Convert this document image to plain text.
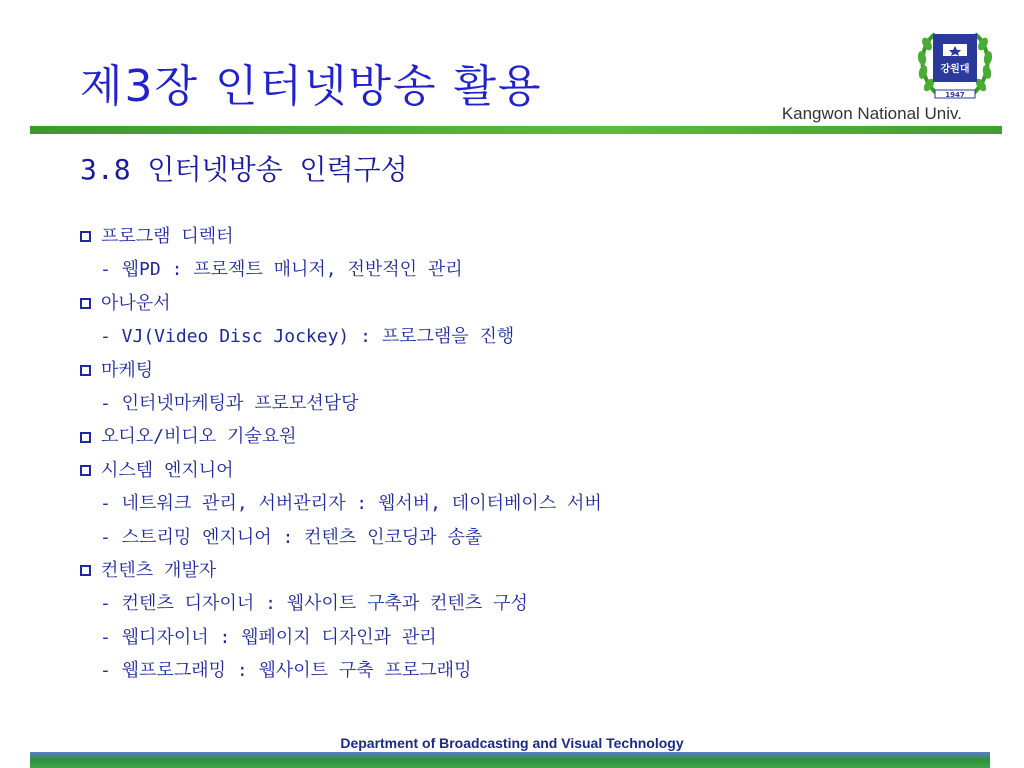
제3장 인터넷방송 활용	강원대
1947
Kangwon National Univ.
3.8 인터넷방송 인력구성
프로그램 디렉터
- 웹PD : 프로젝트 매니저, 전반적인 관리
아나운서
- VJ(Video Disc Jockey) : 프로그램을 진행
마케팅
- 인터넷마케팅과 프로모션담당
오디오/비디오 기술요원
시스템 엔지니어
- 네트워크 관리, 서버관리자 : 웹서버, 데이터베이스 서버
- 스트리밍 엔지니어 : 컨텐츠 인코딩과 송출
컨텐츠 개발자
- 컨텐츠 디자이너 : 웹사이트 구축과 컨텐츠 구성
- 웹디자이너 : 웹페이지 디자인과 관리
- 웹프로그래밍 : 웹사이트 구축 프로그래밍
Department of Broadcasting and Visual Technology
